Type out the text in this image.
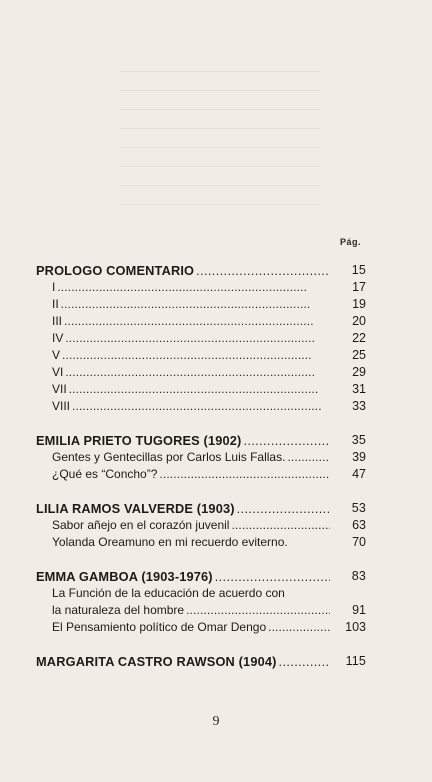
Pág.
PROLOGO COMENTARIO . . .	15
I . . .	17
II . . .	19
III . . .	20
IV . . .	22
V . . .	25
VI . . .	29
VII . . .	31
VIII . . .	33
EMILIA PRIETO TUGORES (1902) . . .	35
Gentes y Gentecillas por Carlos Luis Fallas. . . .	39
¿Qué es “Concho”? . . .	47
LILIA RAMOS VALVERDE (1903) . . .	53
Sabor añejo en el corazón juvenil . . .	63
Yolanda Oreamuno en mi recuerdo eviterno.	70
EMMA GAMBOA (1903-1976) . . .	83
La Función de la educación de acuerdo con
la naturaleza del hombre . . .	91
El Pensamiento político de Omar Dengo . . .	103
MARGARITA CASTRO RAWSON (1904) . . .	115
9
